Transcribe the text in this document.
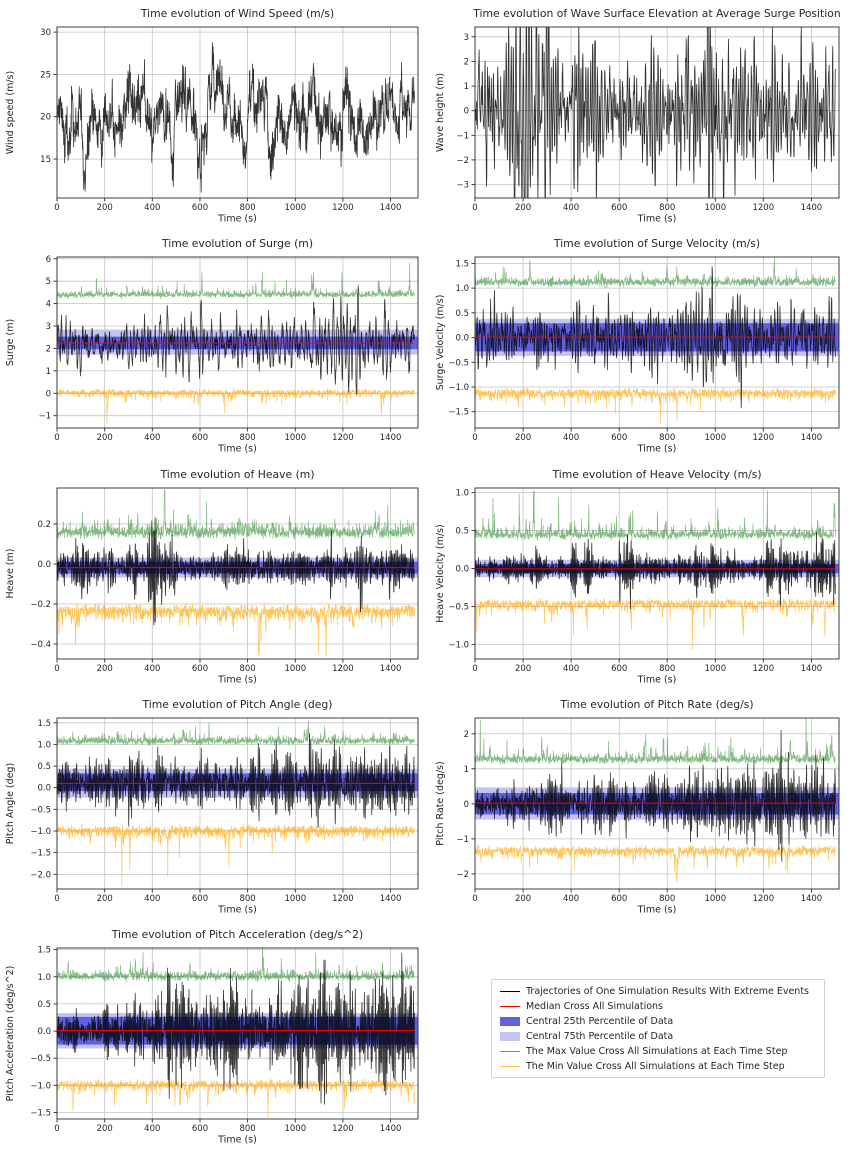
0	200	400	600	800	1000	1200	1400
15
20
25
30
Time evolution of Wind Speed (m/s)
Time (s)
Wind speed (m/s)
0	200	400	600	800	1000	1200	1400
−3
−2
−1
0
1
2
3
Time evolution of Wave Surface Elevation at Average Surge Position
Time (s)
Wave height (m)
0	200	400	600	800	1000	1200	1400
−1
0
1
2
3
4
5
6
Time evolution of Surge (m)
Time (s)
Surge (m)
0	200	400	600	800	1000	1200	1400
−1.5
−1.0
−0.5
0.0
0.5
1.0
1.5
Time evolution of Surge Velocity (m/s)
Time (s)
Surge Velocity (m/s)
0	200	400	600	800	1000	1200	1400
−0.4
−0.2
0.0
0.2
Time evolution of Heave (m)
Time (s)
Heave (m)
0	200	400	600	800	1000	1200	1400
−1.0
−0.5
0.0
0.5
1.0
Time evolution of Heave Velocity (m/s)
Time (s)
Heave Velocity (m/s)
0	200	400	600	800	1000	1200	1400
−2.0
−1.5
−1.0
−0.5
0.0
0.5
1.0
1.5
Time evolution of Pitch Angle (deg)
Time (s)
Pitch Angle (deg)
0	200	400	600	800	1000	1200	1400
−2
−1
0
1
2
Time evolution of Pitch Rate (deg/s)
Time (s)
Pitch Rate (deg/s)
0	200	400	600	800	1000	1200	1400
−1.5
−1.0
−0.5
0.0
0.5
1.0
1.5
Time evolution of Pitch Acceleration (deg/s^2)
Time (s)
Pitch Acceleration (deg/s^2)	Trajectories of One Simulation Results With Extreme Events
Median Cross All Simulations
Central 25th Percentile of Data
Central 75th Percentile of Data
The Max Value Cross All Simulations at Each Time Step
The Min Value Cross All Simulations at Each Time Step
